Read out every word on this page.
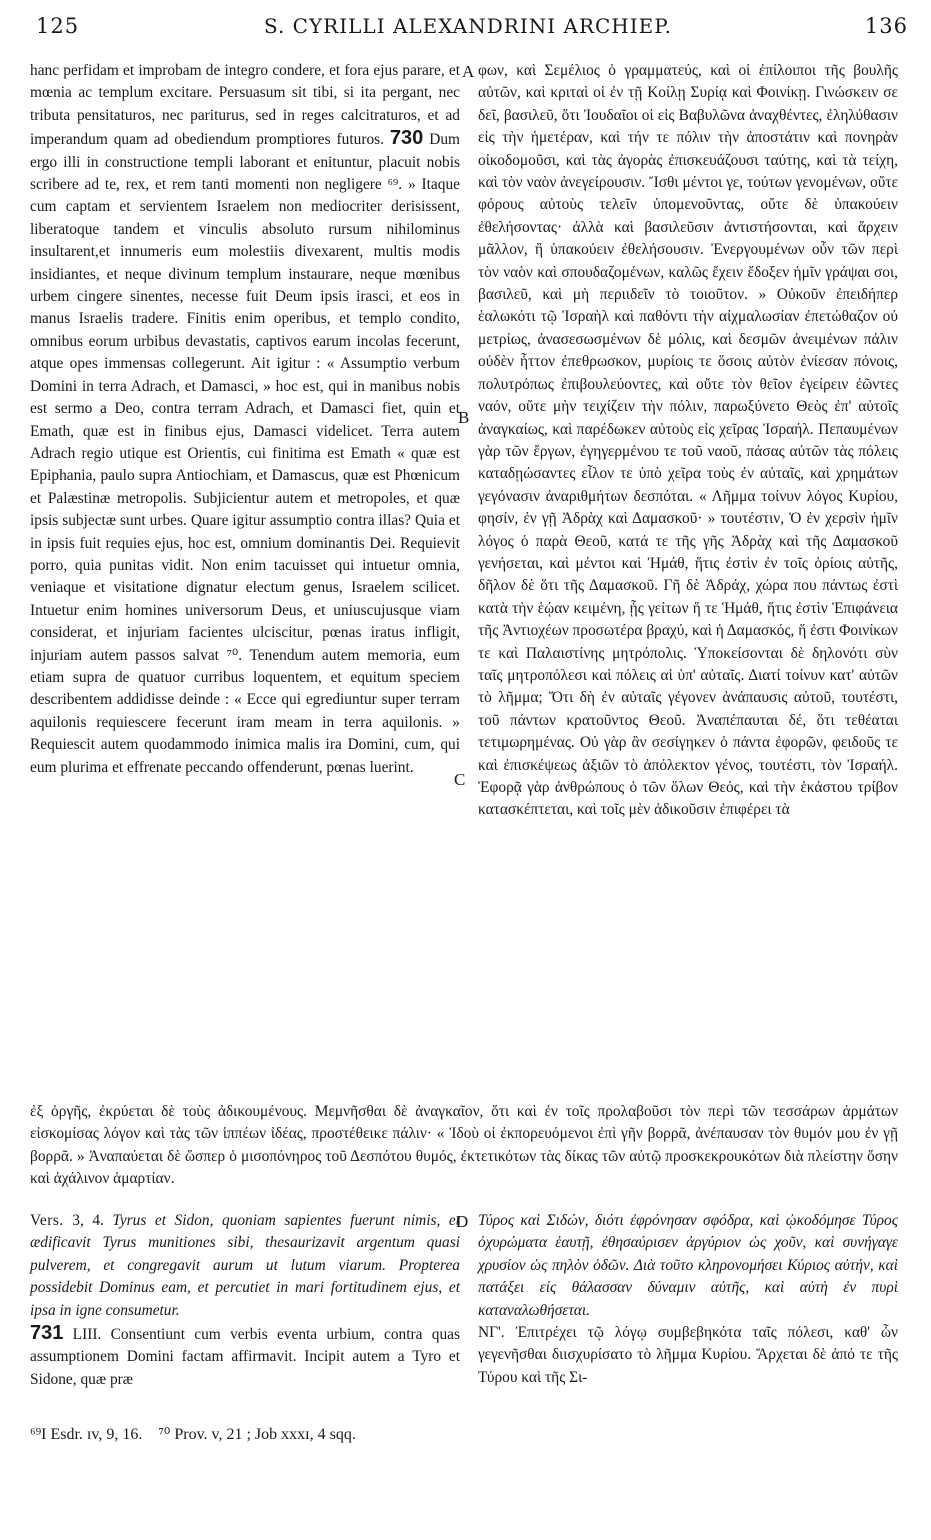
125	S. CYRILLI ALEXANDRINI ARCHIEP.	136
A
B
C
D

hanc perfidam et improbam de integro condere, et fora ejus parare, et mœnia ac templum excitare. Persuasum sit tibi, si ita pergant, nec tributa pensitaturos, nec pariturus, sed in reges calcitraturos, et ad imperandum quam ad obediendum promptiores futuros. 730 Dum ergo illi in constructione templi laborant et enituntur, placuit nobis scribere ad te, rex, et rem tanti momenti non negligere ⁶⁹. » Itaque cum captam et servientem Israelem non mediocriter derisissent, liberatoque tandem et vinculis absoluto rursum nihilominus insultarent,et innumeris eum molestiis divexarent, multis modis insidiantes, et neque divinum templum instaurare, neque mœnibus urbem cingere sinentes, necesse fuit Deum ipsis irasci, et eos in manus Israelis tradere. Finitis enim operibus, et templo condito, omnibus eorum urbibus devastatis, captivos earum incolas fecerunt, atque opes immensas collegerunt. Ait igitur : « Assumptio verbum Domini in terra Adrach, et Damasci, » hoc est, qui in manibus nobis est sermo a Deo, contra terram Adrach, et Damasci fiet, quin et Emath, quæ est in finibus ejus, Damasci videlicet. Terra autem Adrach regio utique est Orientis, cui finitima est Emath « quæ est Epiphania, paulo supra Antiochiam, et Damascus, quæ est Phœnicum et Palæstinæ metropolis. Subjicientur autem et metropoles, et quæ ipsis subjectæ sunt urbes. Quare igitur assumptio contra illas? Quia et in ipsis fuit requies ejus, hoc est, omnium dominantis Dei. Requievit porro, quia punitas vidit. Non enim tacuisset qui intuetur omnia, veniaque et visitatione dignatur electum genus, Israelem scilicet. Intuetur enim homines universorum Deus, et uniuscujusque viam considerat, et injuriam facientes ulciscitur, pœnas iratus infligit, injuriam autem passos salvat ⁷⁰. Tenendum autem memoria, eum etiam supra de quatuor curribus loquentem, et equitum speciem describentem addidisse deinde : « Ecce qui egrediuntur super terram aquilonis requiescere fecerunt iram meam in terra aquilonis. » Requiescit autem quodammodo inimica malis ira Domini, cum, qui eum plurima et effrenate peccando offenderunt, pœnas luerint.

φων, καὶ Σεμέλιος ὁ γραμματεύς, καὶ οἱ ἐπίλοιποι τῆς βουλῆς αὐτῶν, καὶ κριταὶ οἱ ἐν τῇ Κοίλῃ Συρίᾳ καὶ Φοινίκῃ. Γινώσκειν σε δεῖ, βασιλεῦ, ὅτι Ἰουδαῖοι οἱ εἰς Βαβυλῶνα ἀναχθέντες, ἐληλύθασιν εἰς τὴν ἡμετέραν, καὶ τήν τε πόλιν τὴν ἀποστάτιν καὶ πονηρὰν οἰκοδομοῦσι, καὶ τὰς ἀγορὰς ἐπισκευάζουσι ταύτης, καὶ τὰ τείχη, καὶ τὸν ναὸν ἀνεγείρουσιν. Ἴσθι μέντοι γε, τούτων γενομένων, οὔτε φόρους αὐτοὺς τελεῖν ὑπομενοῦντας, οὔτε δὲ ὑπακούειν ἐθελήσοντας· ἀλλὰ καὶ βασιλεῦσιν ἀντιστήσονται, καὶ ἄρχειν μᾶλλον, ἢ ὑπακούειν ἐθελήσουσιν. Ἐνεργουμένων οὖν τῶν περὶ τὸν ναὸν καὶ σπουδαζομένων, καλῶς ἔχειν ἔδοξεν ἡμῖν γράψαι σοι, βασιλεῦ, καὶ μὴ περιιδεῖν τὸ τοιοῦτον. » Οὐκοῦν ἐπειδήπερ ἑαλωκότι τῷ Ἰσραὴλ καὶ παθόντι τὴν αἰχμαλωσίαν ἐπετώθαζον οὐ μετρίως, ἀνασεσωσμένων δὲ μόλις, καὶ δεσμῶν ἀνειμένων πάλιν οὐδὲν ἧττον ἐπεθρωσκον, μυρίοις τε ὅσοις αὐτὸν ἐνίεσαν πόνοις, πολυτρόπως ἐπιβουλεύοντες, καὶ οὔτε τὸν θεῖον ἐγείρειν ἐῶντες ναόν, οὔτε μὴν τειχίζειν τὴν πόλιν, παρωξύνετο Θεὸς ἐπ' αὐτοῖς ἀναγκαίως, καὶ παρέδωκεν αὐτοὺς εἰς χεῖρας Ἰσραήλ. Πεπαυμένων γὰρ τῶν ἔργων, ἐγηγερμένου τε τοῦ ναοῦ, πάσας αὐτῶν τὰς πόλεις καταδῃώσαντες εἶλον τε ὑπὸ χεῖρα τοὺς ἐν αὐταῖς, καὶ χρημάτων γεγόνασιν ἀναριθμήτων δεσπόται. « Λῆμμα τοίνυν λόγος Κυρίου, φησίν, ἐν γῇ Ἀδρὰχ καὶ Δαμασκοῦ· » τουτέστιν, Ὁ ἐν χερσὶν ἡμῖν λόγος ὁ παρὰ Θεοῦ, κατά τε τῆς γῆς Ἀδρὰχ καὶ τῆς Δαμασκοῦ γενήσεται, καὶ μέντοι καὶ Ἡμάθ, ἥτις ἐστὶν ἐν τοῖς ὁρίοις αὐτῆς, δῆλον δὲ ὅτι τῆς Δαμασκοῦ. Γῆ δὲ Ἀδράχ, χώρα που πάντως ἐστὶ κατὰ τὴν ἑῴαν κειμένη, ᾗς γείτων ἥ τε Ἡμάθ, ἥτις ἐστὶν Ἐπιφάνεια τῆς Ἀντιοχέων προσωτέρα βραχύ, καὶ ἡ Δαμασκός, ἥ ἐστι Φοινίκων τε καὶ Παλαιστίνης μητρόπολις. Ὑποκείσονται δὲ δηλονότι σὺν ταῖς μητροπόλεσι καὶ πόλεις αἱ ὑπ' αὐταῖς. Διατί τοίνυν κατ' αὐτῶν τὸ λῆμμα; Ὅτι δὴ ἐν αὐταῖς γέγονεν ἀνάπαυσις αὐτοῦ, τουτέστι, τοῦ πάντων κρατοῦντος Θεοῦ. Ἀναπέπαυται δέ, ὅτι τεθέαται τετιμωρημένας. Οὐ γὰρ ἂν σεσίγηκεν ὁ πάντα ἐφορῶν, φειδοῦς τε καὶ ἐπισκέψεως ἀξιῶν τὸ ἀπόλεκτον γένος, τουτέστι, τὸν Ἰσραήλ. Ἐφορᾷ γὰρ ἀνθρώπους ὁ τῶν ὅλων Θεός, καὶ τὴν ἑκάστου τρίβον κατασκέπτεται, καὶ τοῖς μὲν ἀδικοῦσιν ἐπιφέρει τὰ

ἐξ ὀργῆς, ἐκρύεται δὲ τοὺς ἀδικουμένους. Μεμνῆσθαι δὲ ἀναγκαῖον, ὅτι καὶ ἐν τοῖς προλαβοῦσι τὸν περὶ τῶν τεσσάρων ἁρμάτων εἰσκομίσας λόγον καὶ τὰς τῶν ἱππέων ἰδέας, προστέθεικε πάλιν· « Ἰδοὺ οἱ ἐκπορευόμενοι ἐπὶ γῆν βορρᾶ, ἀνέπαυσαν τὸν θυμόν μου ἐν γῇ βορρᾶ. » Ἀναπαύεται δὲ ὥσπερ ὁ μισοπόνηρος τοῦ Δεσπότου θυμός, ἐκτετικότων τὰς δίκας τῶν αὐτῷ προσκεκρουκότων διὰ πλείστην ὅσην καὶ ἀχάλινον ἁμαρτίαν.

Vers. 3, 4. Tyrus et Sidon, quoniam sapientes fuerunt nimis, et ædificavit Tyrus munitiones sibi, thesaurizavit argentum quasi pulverem, et congregavit aurum ut lutum viarum. Propterea possidebit Dominus eam, et percutiet in mari fortitudinem ejus, et ipsa in igne consumetur.

731 LIII. Consentiunt cum verbis eventa urbium, contra quas assumptionem Domini factam affirmavit. Incipit autem a Tyro et Sidone, quæ præ

Τύρος καὶ Σιδών, διότι ἐφρόνησαν σφόδρα, καὶ ᾠκοδόμησε Τύρος ὀχυρώματα ἑαυτῇ, ἐθησαύρισεν ἀργύριον ὡς χοῦν, καὶ συνήγαγε χρυσίον ὡς πηλὸν ὁδῶν. Διὰ τοῦτο κληρονομήσει Κύριος αὐτήν, καὶ πατάξει εἰς θάλασσαν δύναμιν αὐτῆς, καὶ αὐτὴ ἐν πυρὶ καταναλωθήσεται.

ΝΓ'. Ἐπιτρέχει τῷ λόγῳ συμβεβηκότα ταῖς πόλεσι, καθ' ὧν γεγενῆσθαι διισχυρίσατο τὸ λῆμμα Κυρίου. Ἄρχεται δὲ ἀπό τε τῆς Τύρου καὶ τῆς Σι-

⁶⁹I Esdr. ɪv, 9, 16. ⁷⁰ Prov. v, 21 ; Job xxxɪ, 4 sqq.
